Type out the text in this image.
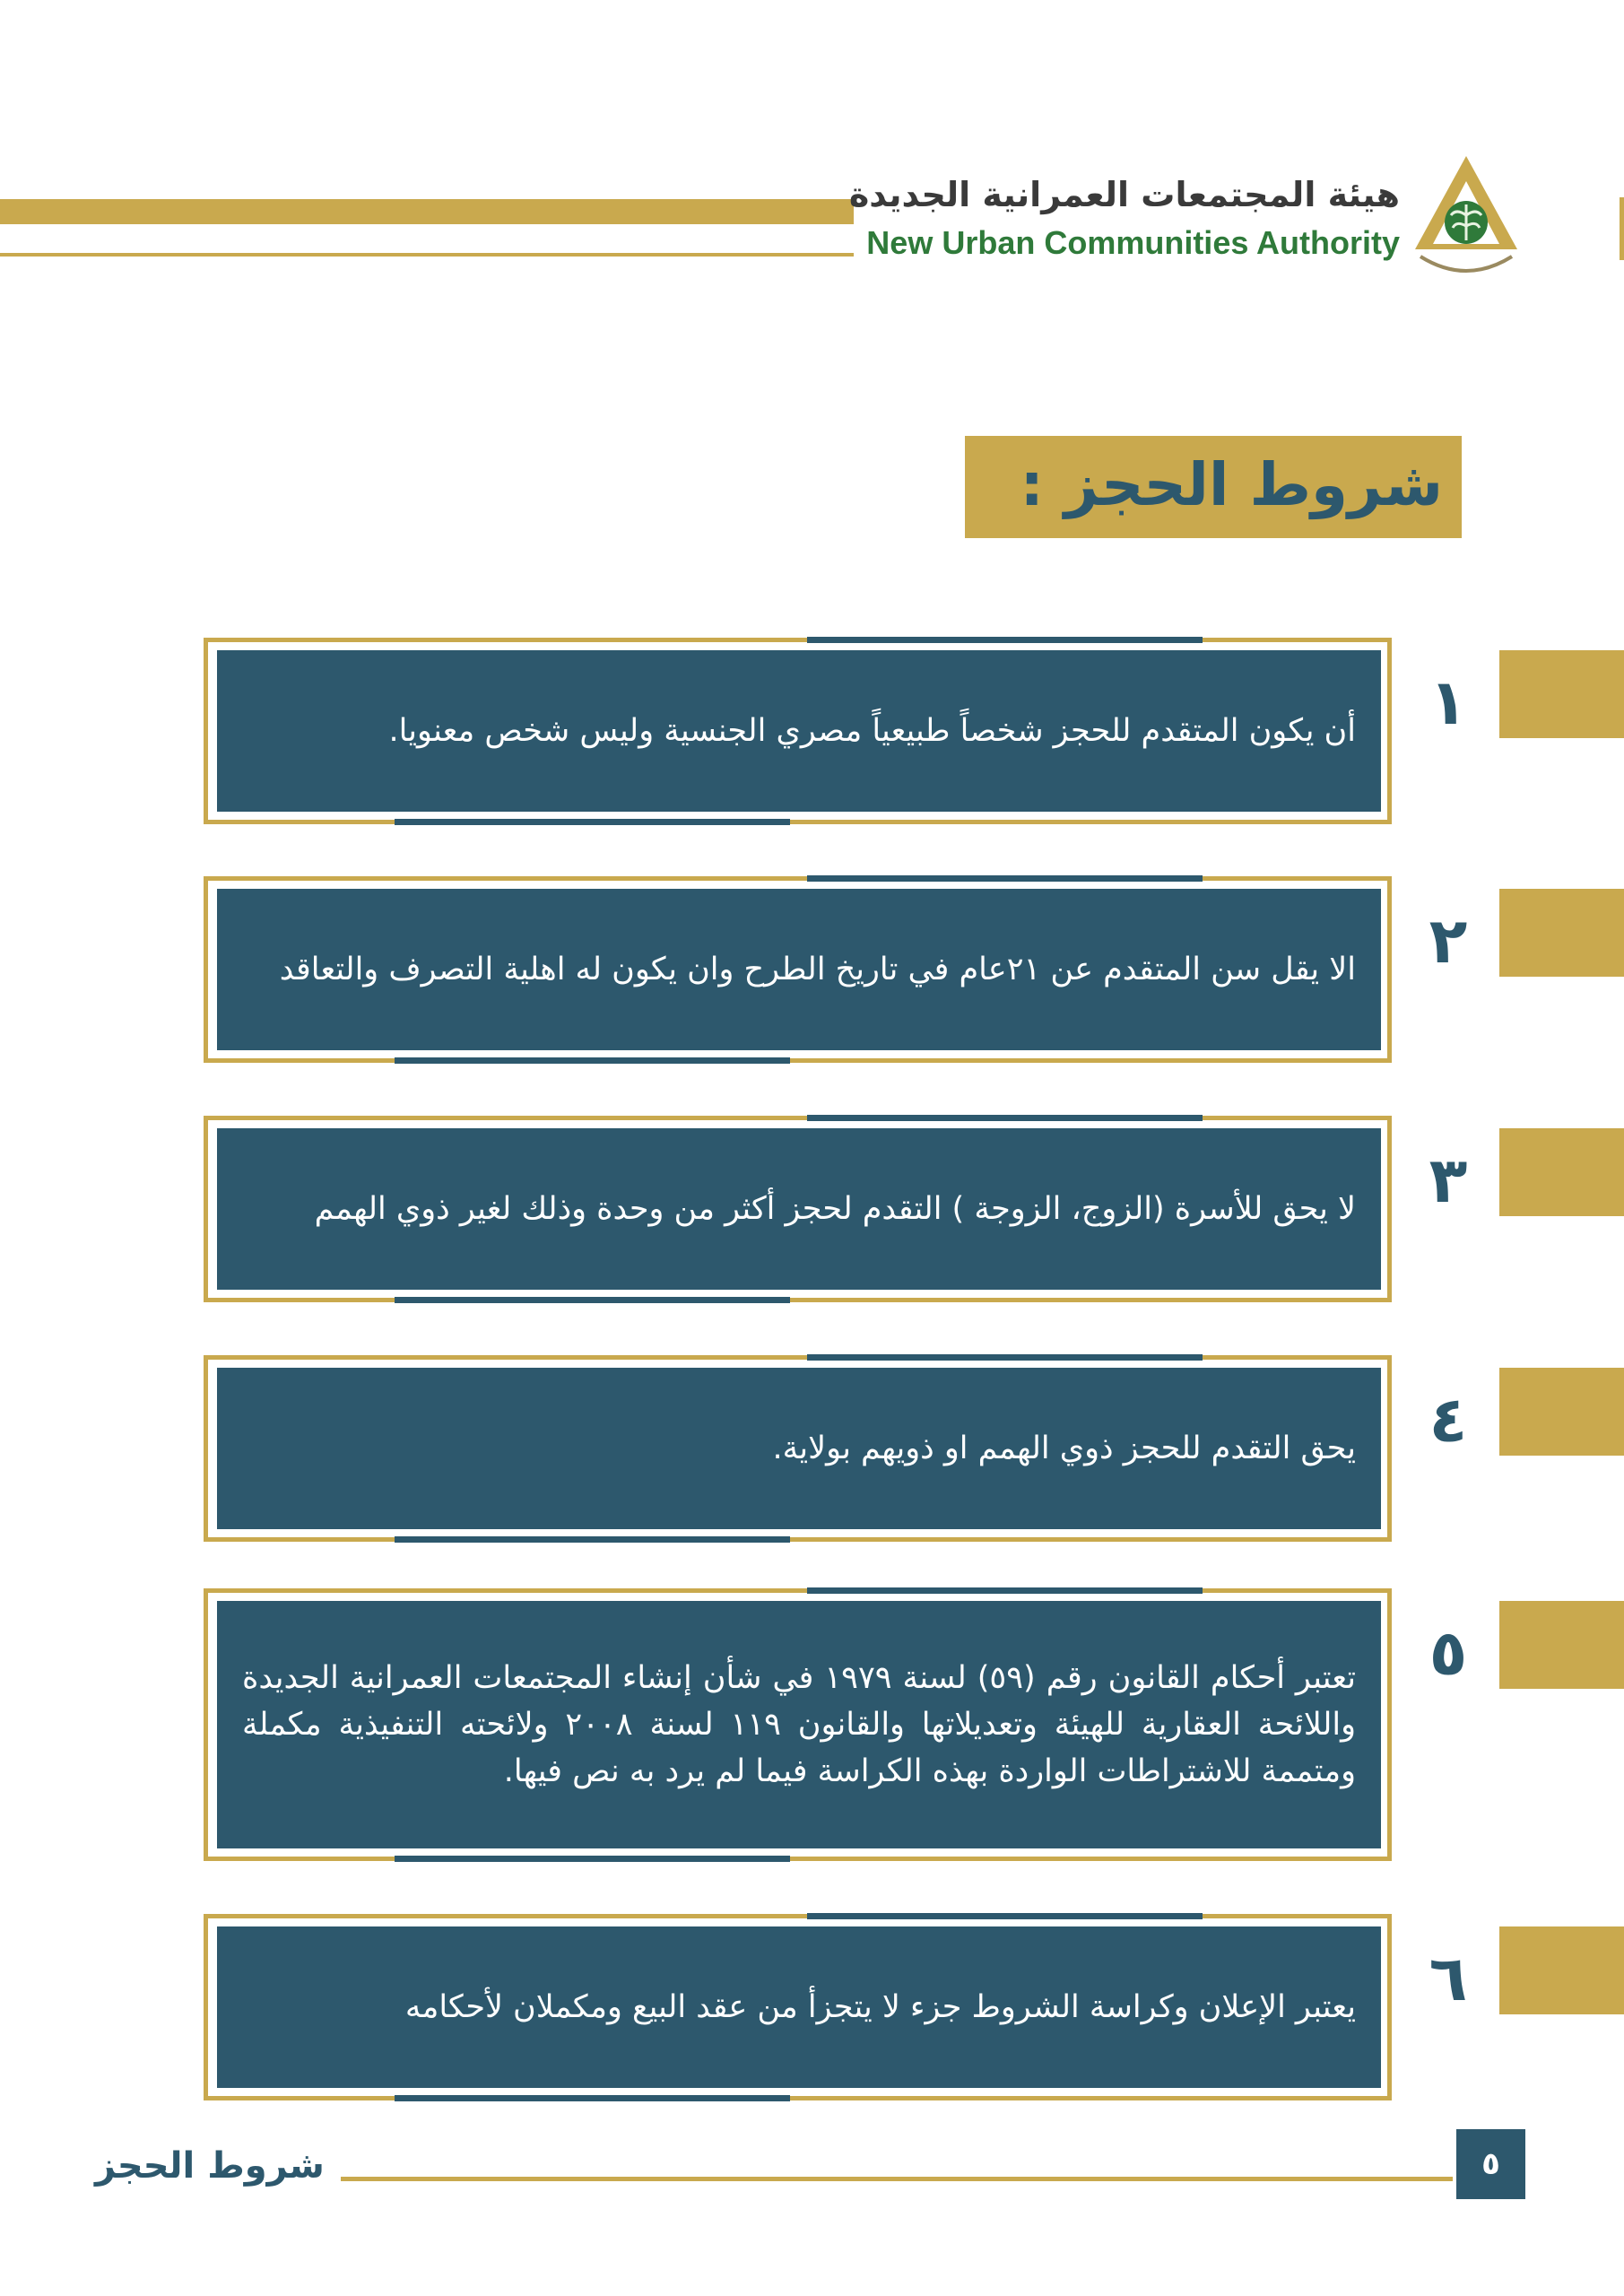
هيئة المجتمعات العمرانية الجديدة
New Urban Communities Authority
شروط الحجز :
أن يكون المتقدم للحجز شخصاً طبيعياً مصري الجنسية وليس شخص معنويا.	١
الا يقل سن المتقدم عن ٢١عام في تاريخ الطرح وان يكون له اهلية التصرف والتعاقد	٢
لا يحق للأسرة (الزوج، الزوجة ) التقدم لحجز أكثر من وحدة وذلك لغير ذوي الهمم	٣
يحق التقدم للحجز ذوي الهمم او ذويهم بولاية.	٤
تعتبر أحكام القانون رقم (٥٩) لسنة ١٩٧٩ في شأن إنشاء المجتمعات العمرانية الجديدة واللائحة العقارية للهيئة وتعديلاتها والقانون ١١٩ لسنة ٢٠٠٨ ولائحته التنفيذية مكملة ومتممة للاشتراطات الواردة بهذه الكراسة فيما لم يرد به نص فيها.
٥
يعتبر الإعلان وكراسة الشروط جزء لا يتجزأ من عقد البيع ومكملان لأحكامه	٦
شروط الحجز	٥
